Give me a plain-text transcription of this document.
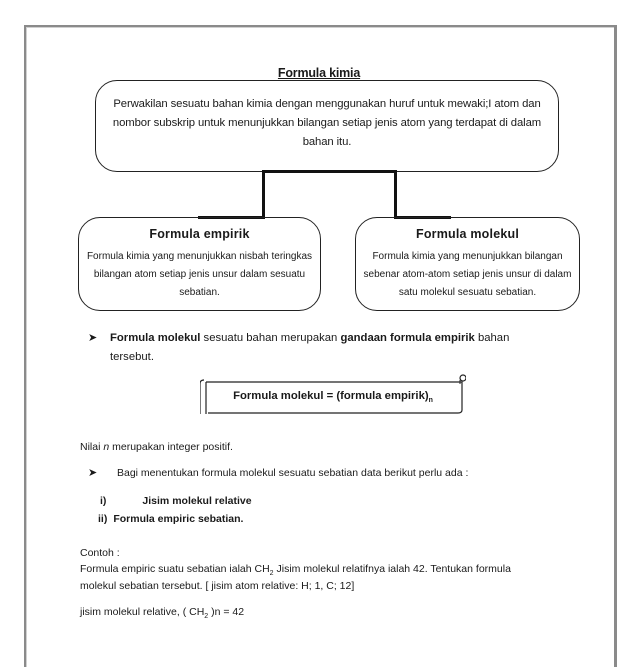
Formula kimia
Perwakilan sesuatu bahan kimia dengan menggunakan huruf untuk mewaki;I atom dan nombor subskrip untuk menunjukkan bilangan setiap jenis atom yang terdapat di dalam bahan itu.
Formula empirik
Formula kimia yang menunjukkan nisbah teringkas bilangan atom setiap jenis unsur dalam sesuatu sebatian.
Formula molekul
Formula kimia yang menunjukkan bilangan sebenar atom-atom setiap jenis unsur di dalam satu molekul sesuatu sebatian.
➤ Formula molekul sesuatu bahan merupakan gandaan formula empirik bahan
tersebut.
Formula molekul = (formula $empirik)_n$
Nilai n merupakan integer positif.
➤ Bagi menentukan formula molekul sesuatu sebatian data berikut perlu ada :
i)	Jisim molekul relative
ii) Formula empiric sebatian.
Contoh :
Formula empiric suatu sebatian ialah $CH_2$ Jisim molekul relatifnya ialah 42. Tentukan formula
molekul sebatian tersebut. [ jisim atom relative: H; 1, C; 12]
jisim molekul relative, ( $CH_2$ )n = 42
